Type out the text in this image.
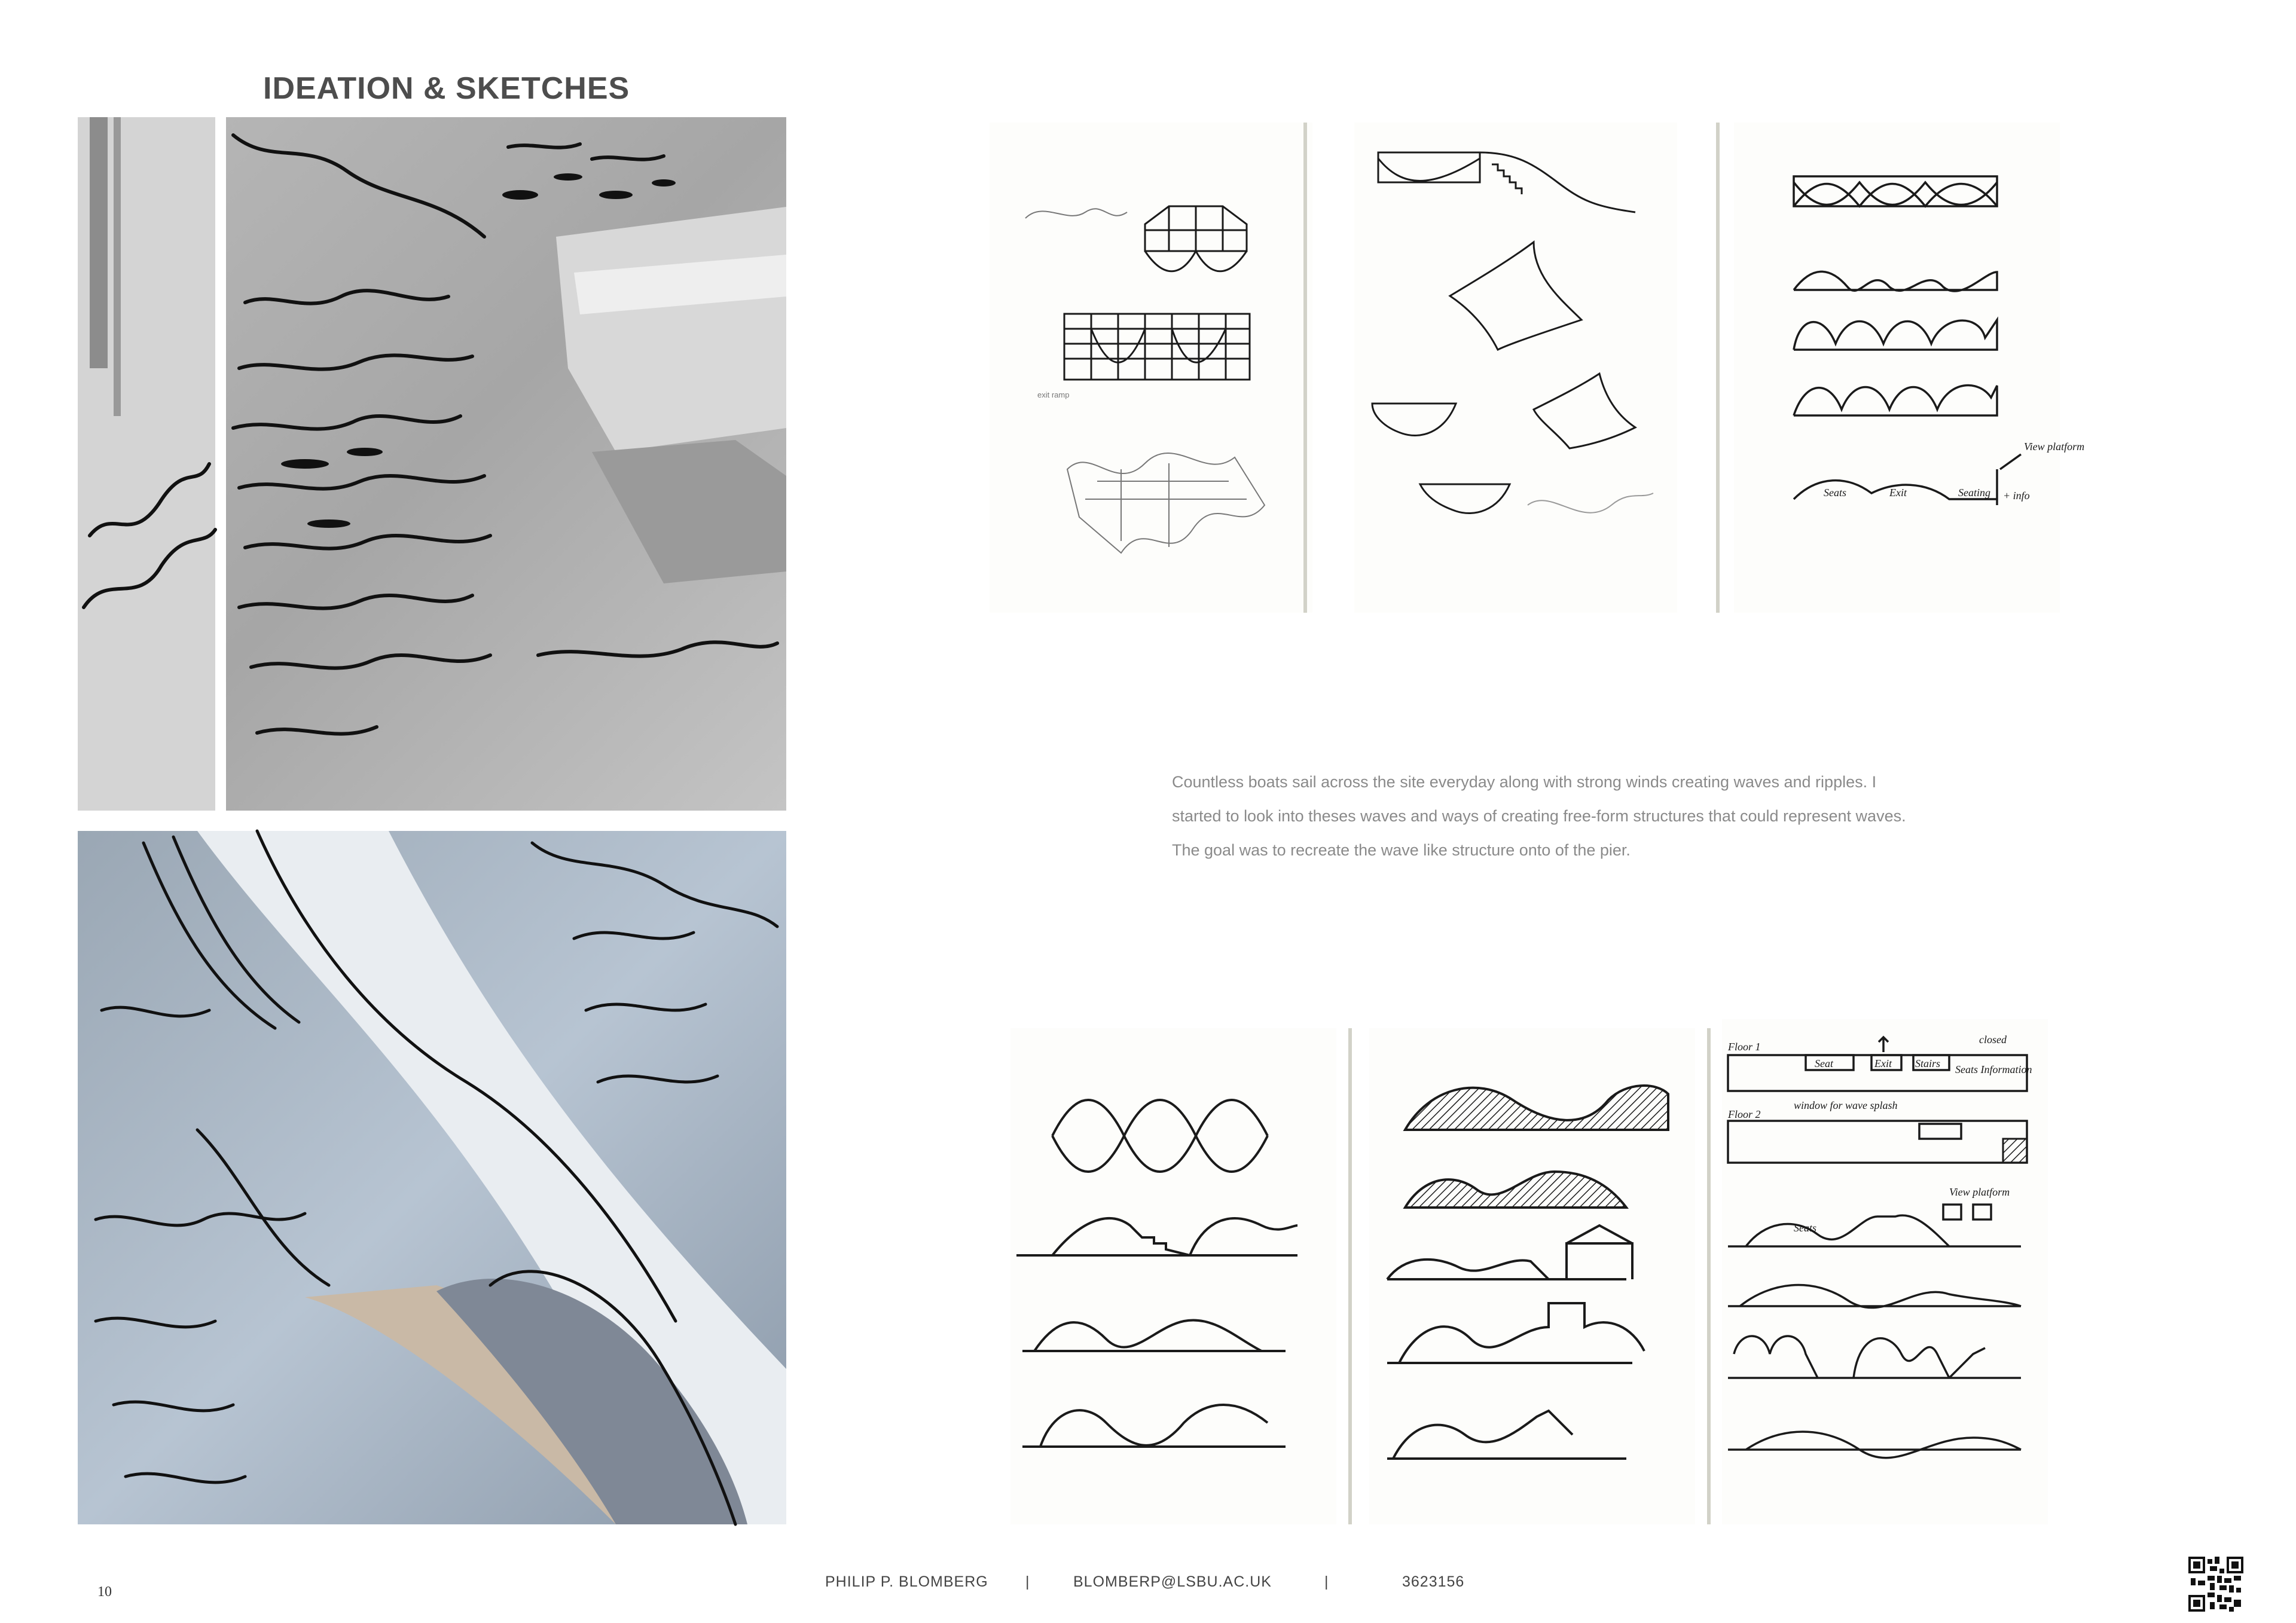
IDEATION & SKETCHES
exit ramp
View platform
Seats	Exit	Seating + info
Countless boats sail across the site everyday along with strong winds creating waves and ripples. I started to look into theses waves and ways of creating free-form structures that could represent waves. The goal was to recreate the wave like structure onto of the pier.
Floor 1
Seat	Exit Stairs Seats Information
closed
window for wave splash
Floor 2
View platform
Seats
10
PHILIP P. BLOMBERG |	BLOMBERP@LSBU.AC.UK	|	3623156
